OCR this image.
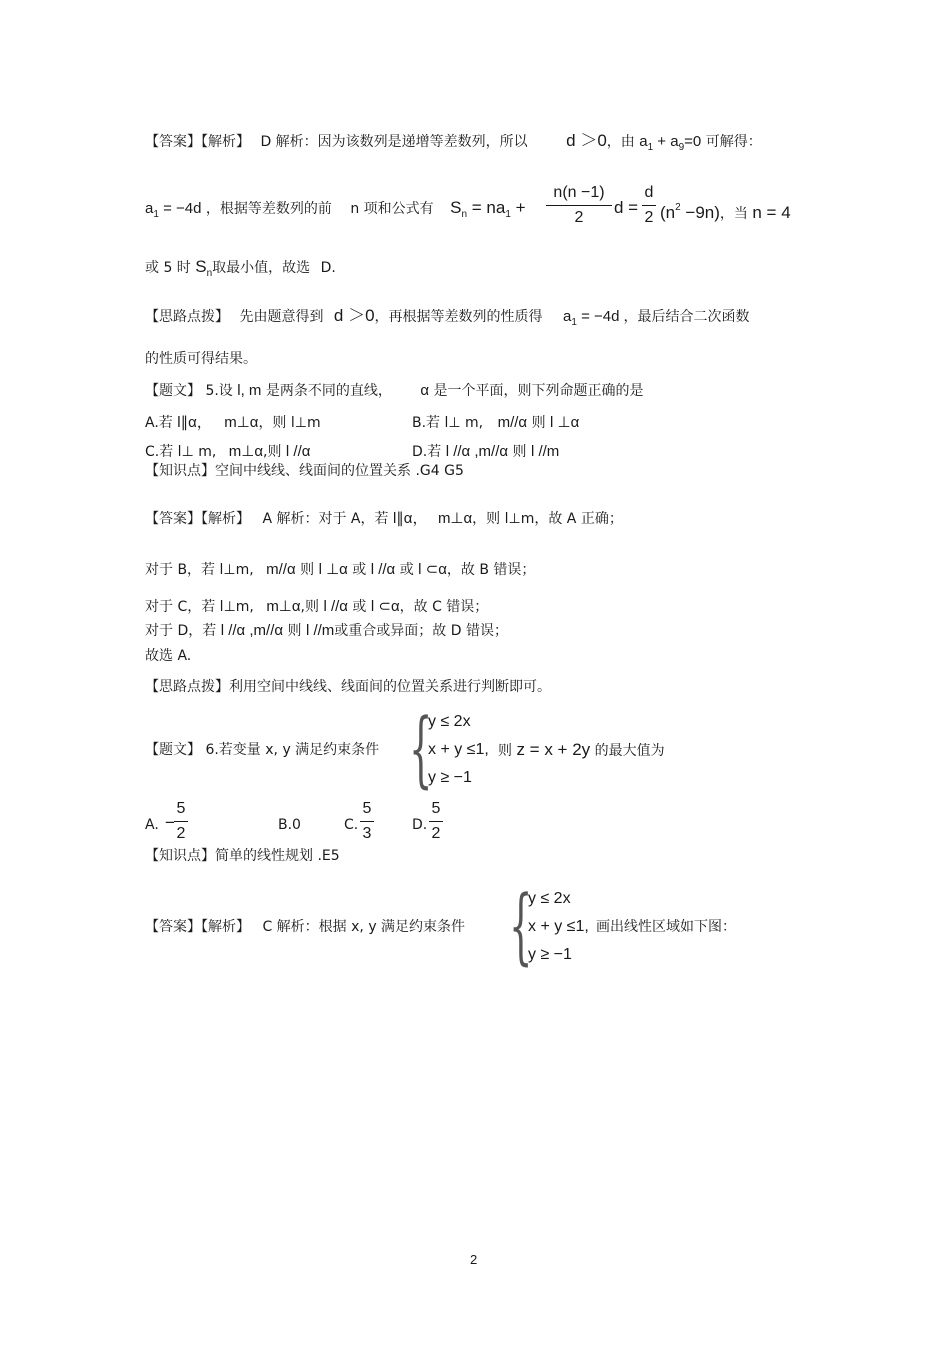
【答案】【解析】 D 解析：因为该数列是递增等差数列，所以 d ＞0，由 $a_1 + a_9=0$ 可解得：
$a_1 = -4d$ ，根据等差数列的前 n 项和公式有 $S_n = na_1$ +
n(n −1)
2
d =
d
2 $(n^2 -9n)$，当 n = 4
或 5 时 $S_n$取最小值，故选 D.
【思路点拨】 先由题意得到 d ＞0，再根据等差数列的性质得 $a_1 = -4d$ ，最后结合二次函数
的性质可得结果。
【题文】 5.设 l, m 是两条不同的直线， α 是一个平面，则下列命题正确的是
A.若 l∥α， m⊥α，则 l⊥m	B.若 l⊥ m, m//α 则 l ⊥α
C.若 l⊥ m, m⊥α,则 l //α	D.若 l //α ,m//α 则 l //m
【知识点】空间中线线、线面间的位置关系 .G4 G5
【答案】【解析】 A 解析：对于 A，若 l∥α， m⊥α，则 l⊥m，故 A 正确；
对于 B，若 l⊥m, m//α 则 l ⊥α 或 l //α 或 l ⊂α，故 B 错误；
对于 C，若 l⊥m, m⊥α,则 l //α 或 l ⊂α，故 C 错误；
对于 D，若 l //α ,m//α 则 l //m或重合或异面；故 D 错误；
故选 A.
【思路点拨】利用空间中线线、线面间的位置关系进行判断即可。
{
y ≤ 2x
x + y ≤1,
y ≥ −1
【题文】 6.若变量 x, y 满足约束条件	则 z = x + 2y 的最大值为
A. −
5
2	B.0	C.
5
3	D.
5
2
【知识点】简单的线性规划 .E5
{
y ≤ 2x
x + y ≤1,
y ≥ −1
【答案】【解析】 C 解析：根据 x, y 满足约束条件	画出线性区域如下图：
2
